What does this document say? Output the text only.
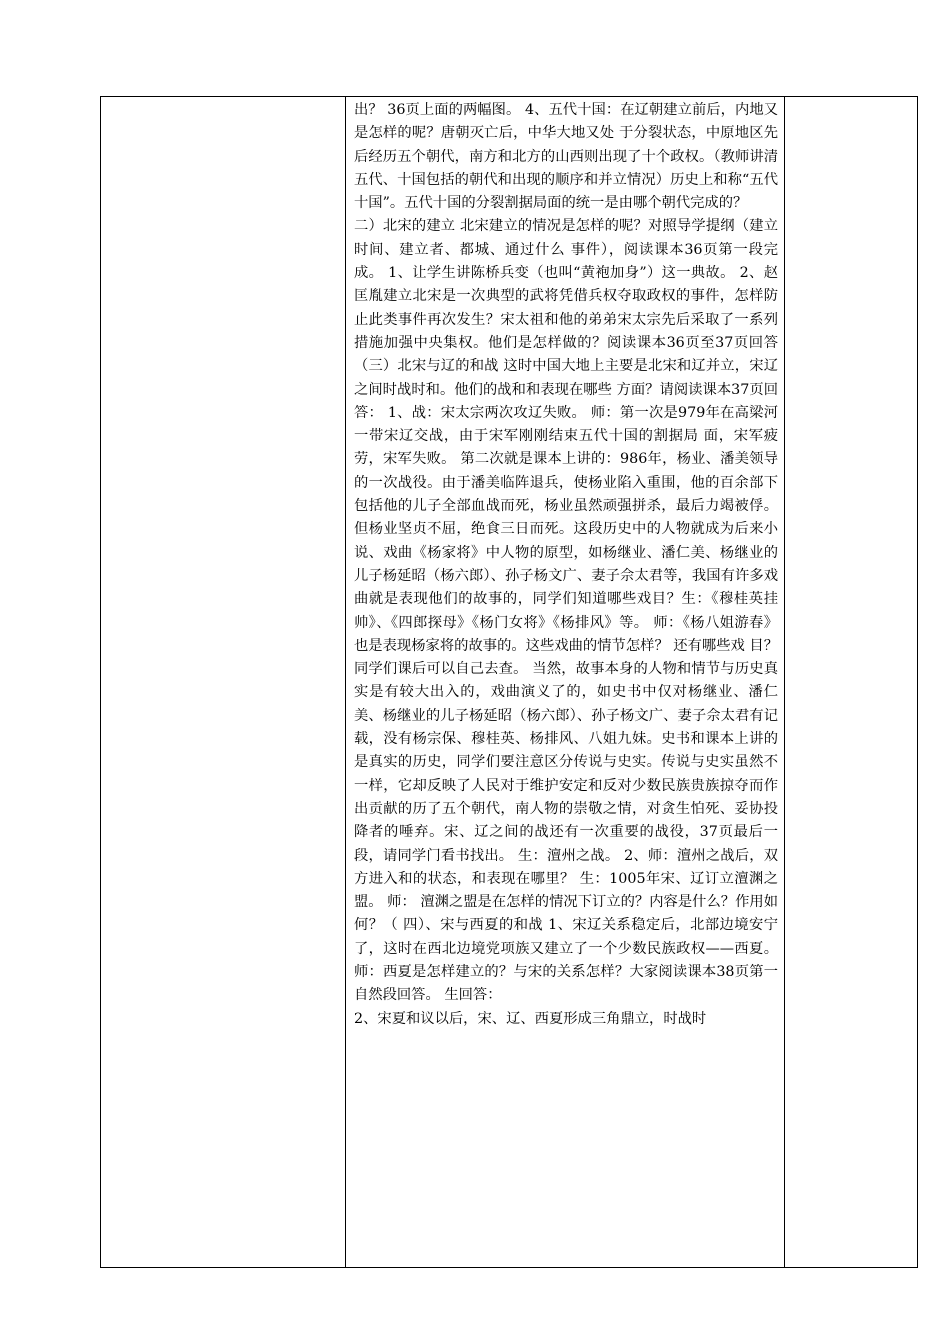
出？ 36页上面的两幅图。 4、五代十国：在辽朝建立前后，内地又是怎样的呢？唐朝灭亡后，中华大地又处 于分裂状态，中原地区先后经历五个朝代，南方和北方的山西则出现了十个政权。（教师讲清五代、十国包括的朝代和出现的顺序和并立情况）历史上和称“五代十国”。五代十国的分裂割据局面的统一是由哪个朝代完成的？

二）北宋的建立 北宋建立的情况是怎样的呢？对照导学提纲（建立时间、建立者、都城、通过什么 事件），阅读课本36页第一段完成。 1、让学生讲陈桥兵变（也叫“黄袍加身”）这一典故。 2、赵匡胤建立北宋是一次典型的武将凭借兵权夺取政权的事件，怎样防止此类事件再次发生？宋太祖和他的弟弟宋太宗先后采取了一系列措施加强中央集权。他们是怎样做的？阅读课本36页至37页回答 （三）北宋与辽的和战 这时中国大地上主要是北宋和辽并立，宋辽之间时战时和。他们的战和和表现在哪些 方面？请阅读课本37页回答： 1、战：宋太宗两次攻辽失败。 师：第一次是979年在高梁河一带宋辽交战，由于宋军刚刚结束五代十国的割据局 面，宋军疲劳，宋军失败。 第二次就是课本上讲的：986年，杨业、潘美领导的一次战役。由于潘美临阵退兵，使杨业陷入重围，他的百余部下包括他的儿子全部血战而死，杨业虽然顽强拼杀，最后力竭被俘。但杨业坚贞不屈，绝食三日而死。这段历史中的人物就成为后来小说、戏曲《杨家将》中人物的原型，如杨继业、潘仁美、杨继业的儿子杨延昭（杨六郎）、孙子杨文广、妻子佘太君等，我国有许多戏曲就是表现他们的故事的，同学们知道哪些戏目？生：《穆桂英挂帅》、《四郎探母》《杨门女将》《杨排风》等。 师：《杨八姐游春》也是表现杨家将的故事的。这些戏曲的情节怎样？ 还有哪些戏 目？同学们课后可以自己去查。 当然，故事本身的人物和情节与历史真实是有较大出入的，戏曲演义了的，如史书中仅对杨继业、潘仁美、杨继业的儿子杨延昭（杨六郎）、孙子杨文广、妻子佘太君有记载，没有杨宗保、穆桂英、杨排风、八姐九妹。史书和课本上讲的是真实的历史，同学们要注意区分传说与史实。传说与史实虽然不一样，它却反映了人民对于维护安定和反对少数民族贵族掠夺而作出贡献的历了五个朝代，南人物的崇敬之情，对贪生怕死、妥协投降者的唾弃。宋、辽之间的战还有一次重要的战役，37页最后一段，请同学门看书找出。 生：澶州之战。 2、师：澶州之战后，双方进入和的状态，和表现在哪里？ 生：1005年宋、辽订立澶渊之盟。 师： 澶渊之盟是在怎样的情况下订立的？内容是什么？作用如何？（ 四）、宋与西夏的和战 1、宋辽关系稳定后，北部边境安宁了，这时在西北边境党项族又建立了一个少数民族政权——西夏。 师：西夏是怎样建立的？与宋的关系怎样？大家阅读课本38页第一自然段回答。 生回答：

2、宋夏和议以后，宋、辽、西夏形成三角鼎立，时战时
